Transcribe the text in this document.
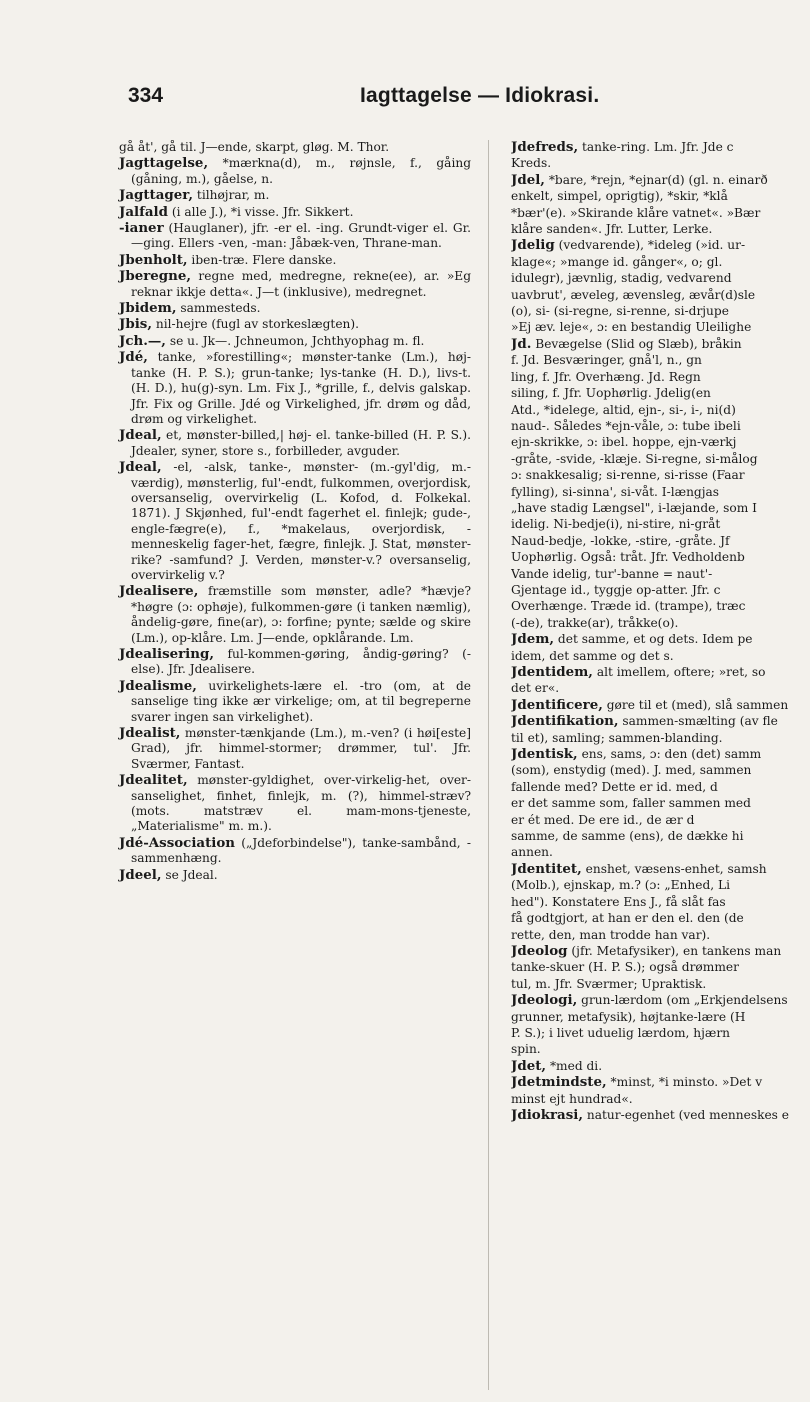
334	Iagttagelse — Idiokrasi.

gå åt', gå til. J—ende, skarpt, gløg. M. Thor.

Jagttagelse, *mærkna(d), m., røjnsle, f., gåing (gåning, m.), gåelse, n.

Jagttager, tilhøjrar, m.

Jalfald (i alle J.), *i visse. Jfr. Sikkert.

-ianer (Hauglaner), jfr. -er el. -ing. Grundt-viger el. Gr.—ging. Ellers -ven, -man: Jåbæk-ven, Thrane-man.

Jbenholt, iben-træ. Flere danske.

Jberegne, regne med, medregne, rekne(ee), ar. »Eg reknar ikkje detta«. J—t (inklusive), medregnet.

Jbidem, sammesteds.

Jbis, nil-hejre (fugl av storkeslægten).

Jch.—, se u. Jk—. Jchneumon, Jchthyophag m. fl.

Jdé, tanke, »forestilling«; mønster-tanke (Lm.), høj-tanke (H. P. S.); grun-tanke; lys-tanke (H. D.), livs-t. (H. D.), hu(g)-syn. Lm. Fix J., *grille, f., delvis galskap. Jfr. Fix og Grille. Jdé og Virkelighed, jfr. drøm og dåd, drøm og virkelighet.

Jdeal, et, mønster-billed,| høj- el. tanke-billed (H. P. S.). Jdealer, syner, store s., forbilleder, avguder.

Jdeal, -el, -alsk, tanke-, mønster- (m.-gyl'dig, m.-værdig), mønsterlig, ful'-endt, fulkommen, overjordisk, oversanselig, overvirkelig (L. Kofod, d. Folkekal. 1871). J Skjønhed, ful'-endt fagerhet el. finlejk; gude-, engle-fægre(e), f., *makelaus, overjordisk, -menneskelig fager-het, fægre, finlejk. J. Stat, mønster-rike? -samfund? J. Verden, mønster-v.? oversanselig, overvirkelig v.?

Jdealisere, fræmstille som mønster, adle? *hævje? *høgre (ɔ: ophøje), fulkommen-gøre (i tanken næmlig), åndelig-gøre, fine(ar), ɔ: forfine; pynte; sælde og skire (Lm.), op-klåre. Lm. J—ende, opklårande. Lm.

Jdealisering, ful-kommen-gøring, åndig-gøring? (-else). Jfr. Jdealisere.

Jdealisme, uvirkelighets-lære el. -tro (om, at de sanselige ting ikke ær virkelige; om, at til begreperne svarer ingen san virkelighet).

Jdealist, mønster-tænkjande (Lm.), m.-ven? (i høi[este] Grad), jfr. himmel-stormer; drømmer, tul'. Jfr. Sværmer, Fantast.

Jdealitet, mønster-gyldighet, over-virkelig-het, over-sanselighet, finhet, finlejk, m. (?), himmel-stræv? (mots. matstræv el. mam-mons-tjeneste, „Materialisme" m. m.).

Jdé-Association („Jdeforbindelse"), tanke-sambånd, -sammenhæng.

Jdeel, se Jdeal.

Jdefreds, tanke-ring. Lm. Jfr. Jde c

Kreds.

Jdel, *bare, *rejn, *ejnar(d) (gl. n. einarð

enkelt, simpel, oprigtig), *skir, *klå

*bær'(e). »Skirande klåre vatnet«. »Bær

klåre sanden«. Jfr. Lutter, Lerke.

Jdelig (vedvarende), *ideleg (»id. ur-

klage«; »mange id. gånger«, o; gl.

idulegr), jævnlig, stadig, vedvarend

uavbrut', æveleg, ævensleg, ævår(d)sle

(o), si- (si-regne, si-renne, si-drjupe

»Ej æv. leje«, ɔ: en bestandig Uleilighe

Jd. Bevægelse (Slid og Slæb), bråkin

f. Jd. Besværinger, gnå'l, n., gn

ling, f. Jfr. Overhæng. Jd. Regn

siling, f. Jfr. Uophørlig. Jdelig(en

Atd., *idelege, altid, ejn-, si-, i-, ni(d)

naud-. Således *ejn-våle, ɔ: tube ibeli

ejn-skrikke, ɔ: ibel. hoppe, ejn-værkj

-gråte, -svide, -klæje. Si-regne, si-målog

ɔ: snakkesalig; si-renne, si-risse (Faar

fylling), si-sinna', si-våt. I-længjas

„have stadig Længsel", i-læjande, som I

idelig. Ni-bedje(i), ni-stire, ni-gråt

Naud-bedje, -lokke, -stire, -gråte. Jf

Uophørlig. Også: tråt. Jfr. Vedholdenb

Vande idelig, tur'-banne = naut'-

Gjentage id., tyggje op-atter. Jfr. c

Overhænge. Træde id. (trampe), træc

(-de), trakke(ar), tråkke(o).

Jdem, det samme, et og dets. Idem pe

idem, det samme og det s.

Jdentidem, alt imellem, oftere; »ret, so

det er«.

Jdentificere, gøre til et (med), slå sammen

Jdentifikation, sammen-smælting (av fle

til et), samling; sammen-blanding.

Jdentisk, ens, sams, ɔ: den (det) samm

(som), enstydig (med). J. med, sammen

fallende med? Dette er id. med, d

er det samme som, faller sammen med

er ét med. De ere id., de ær d

samme, de samme (ens), de dække hi

annen.

Jdentitet, enshet, væsens-enhet, samsh

(Molb.), ejnskap, m.? (ɔ: „Enhed, Li

hed"). Konstatere Ens J., få slåt fas

få godtgjort, at han er den el. den (de

rette, den, man trodde han var).

Jdeolog (jfr. Metafysiker), en tankens man

tanke-skuer (H. P. S.); også drømmer

tul, m. Jfr. Sværmer; Upraktisk.

Jdeologi, grun-lærdom (om „Erkjendelsens

grunner, metafysik), højtanke-lære (H

P. S.); i livet uduelig lærdom, hjærn

spin.

Jdet, *med di.

Jdetmindste, *minst, *i minsto. »Det v

minst ejt hundrad«.

Jdiokrasi, natur-egenhet (ved menneskes e
